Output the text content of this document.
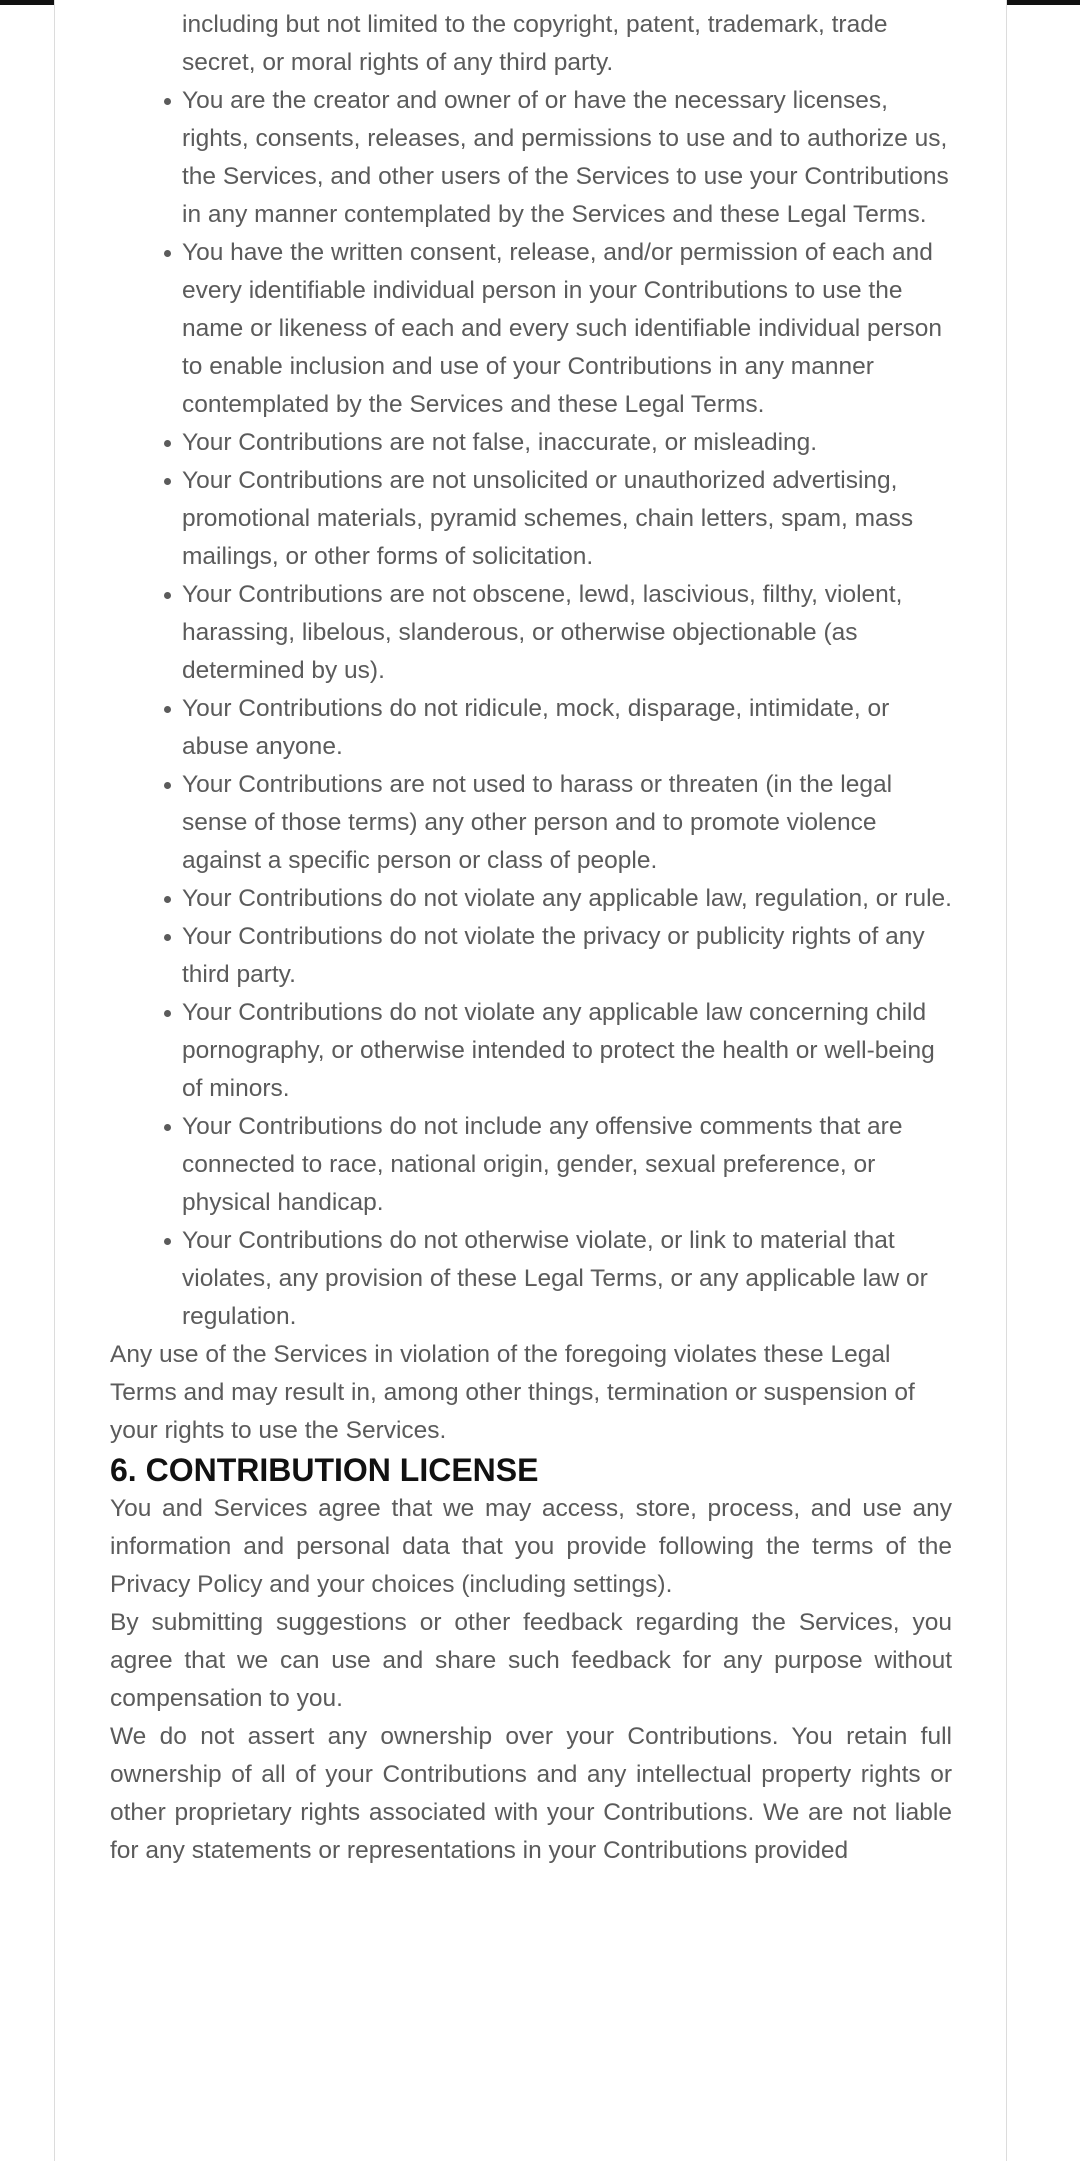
including but not limited to the copyright, patent, trademark, trade secret, or moral rights of any third party.
You are the creator and owner of or have the necessary licenses, rights, consents, releases, and permissions to use and to authorize us, the Services, and other users of the Services to use your Contributions in any manner contemplated by the Services and these Legal Terms.
You have the written consent, release, and/or permission of each and every identifiable individual person in your Contributions to use the name or likeness of each and every such identifiable individual person to enable inclusion and use of your Contributions in any manner contemplated by the Services and these Legal Terms.
Your Contributions are not false, inaccurate, or misleading.
Your Contributions are not unsolicited or unauthorized advertising, promotional materials, pyramid schemes, chain letters, spam, mass mailings, or other forms of solicitation.
Your Contributions are not obscene, lewd, lascivious, filthy, violent, harassing, libelous, slanderous, or otherwise objectionable (as determined by us).
Your Contributions do not ridicule, mock, disparage, intimidate, or abuse anyone.
Your Contributions are not used to harass or threaten (in the legal sense of those terms) any other person and to promote violence against a specific person or class of people.
Your Contributions do not violate any applicable law, regulation, or rule.
Your Contributions do not violate the privacy or publicity rights of any third party.
Your Contributions do not violate any applicable law concerning child pornography, or otherwise intended to protect the health or well-being of minors.
Your Contributions do not include any offensive comments that are connected to race, national origin, gender, sexual preference, or physical handicap.
Your Contributions do not otherwise violate, or link to material that violates, any provision of these Legal Terms, or any applicable law or regulation.

Any use of the Services in violation of the foregoing violates these Legal Terms and may result in, among other things, termination or suspension of your rights to use the Services.

6. CONTRIBUTION LICENSE

You and Services agree that we may access, store, process, and use any information and personal data that you provide following the terms of the Privacy Policy and your choices (including settings).

By submitting suggestions or other feedback regarding the Services, you agree that we can use and share such feedback for any purpose without compensation to you.

We do not assert any ownership over your Contributions. You retain full ownership of all of your Contributions and any intellectual property rights or other proprietary rights associated with your Contributions. We are not liable for any statements or representations in your Contributions provided
